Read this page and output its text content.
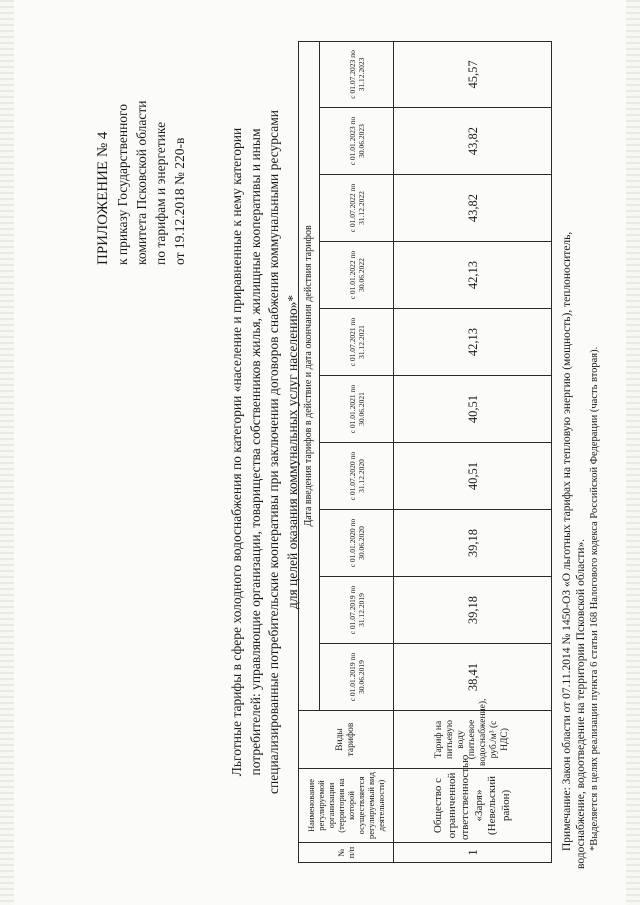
ПРИЛОЖЕНИЕ № 4 к приказу Государственного комитета Псковской области по тарифам и энергетике от 19.12.2018 № 220-в	Льготные тарифы в сфере холодного водоснабжения по категории «население и приравненные к нему категории потребителей: управляющие организации, товарищества собственников жилья, жилищные кооперативы и иным специализированные потребительские кооперативы при заключении договоров снабжения коммунальными ресурсами для целей оказания коммунальных услуг населению»*
№ п/п	Наименование регулируемой организации (территория на которой осуществляется регулируемый вид деятельности)	Виды тарифов	Дата введения тарифов в действие и дата окончания действия тарифов									
			с 01.01.2019 по 30.06.2019	с 01.07.2019 по 31.12.2019	с 01.01.2020 по 30.06.2020	с 01.07.2020 по 31.12.2020	с 01.01.2021 по 30.06.2021	с 01.07.2021 по 31.12.2021	с 01.01.2022 по 30.06.2022	с 01.07.2022 по 31.12.2022	с 01.01.2023 по 30.06.2023	с 01.07.2023 по 31.12.2023
1	Общество с ограниченной ответственностью «Заря» (Невельский район)	Тариф на питьевую воду (питьевое водоснабжение), руб./м³ (с НДС)	38,41	39,18	39,18	40,51	40,51	42,13	42,13	43,82	43,82	45,57
Примечание: Закон области от 07.11.2014 № 1450-ОЗ «О льготных тарифах на тепловую энергию (мощность), теплоноситель, водоснабжение, водоотведение на территории Псковской области». *Выделяется в целях реализации пункта 6 статьи 168 Налогового кодекса Российской Федерации (часть вторая).
